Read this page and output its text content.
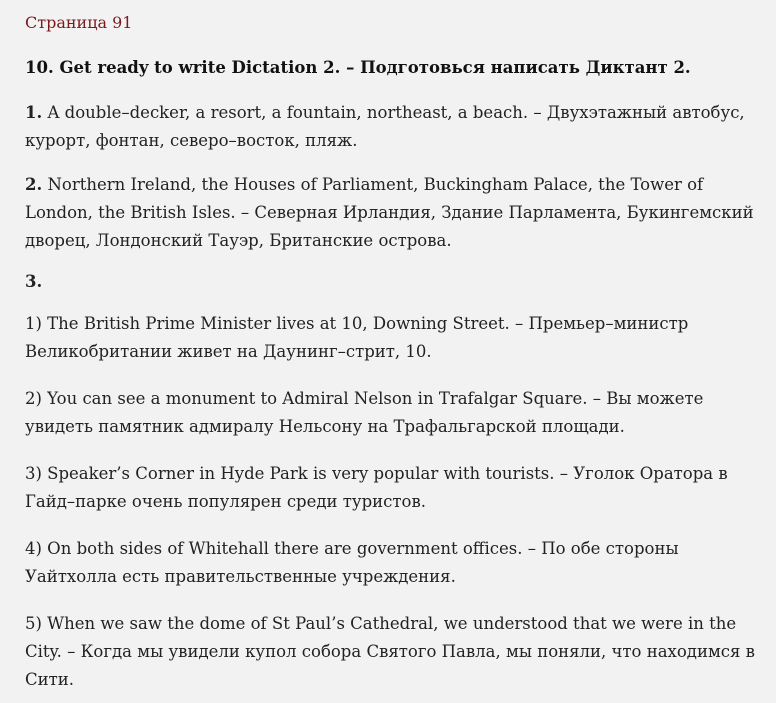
Страница 91
10. Get ready to write Dictation 2. – Подготовься написать Диктант 2.

1. A double–decker, a resort, a fountain, northeast, a beach. – Двухэтажный автобус, курорт, фонтан, северо–восток, пляж.

2. Northern Ireland, the Houses of Parliament, Buckingham Palace, the Tower of London, the British Isles. – Северная Ирландия, Здание Парламента, Букингемский дворец, Лондонский Тауэр, Британские острова.

3.

1) The British Prime Minister lives at 10, Downing Street. – Премьер–министр Великобритании живет на Даунинг–стрит, 10.

2) You can see a monument to Admiral Nelson in Trafalgar Square. – Вы можете увидеть памятник адмиралу Нельсону на Трафальгарской площади.

3) Speaker’s Corner in Hyde Park is very popular with tourists. – Уголок Оратора в Гайд–парке очень популярен среди туристов.

4) On both sides of Whitehall there are government offices. – По обе стороны Уайтхолла есть правительственные учреждения.

5) When we saw the dome of St Paul’s Cathedral, we understood that we were in the City. – Когда мы увидели купол собора Святого Павла, мы поняли, что находимся в Сити.
